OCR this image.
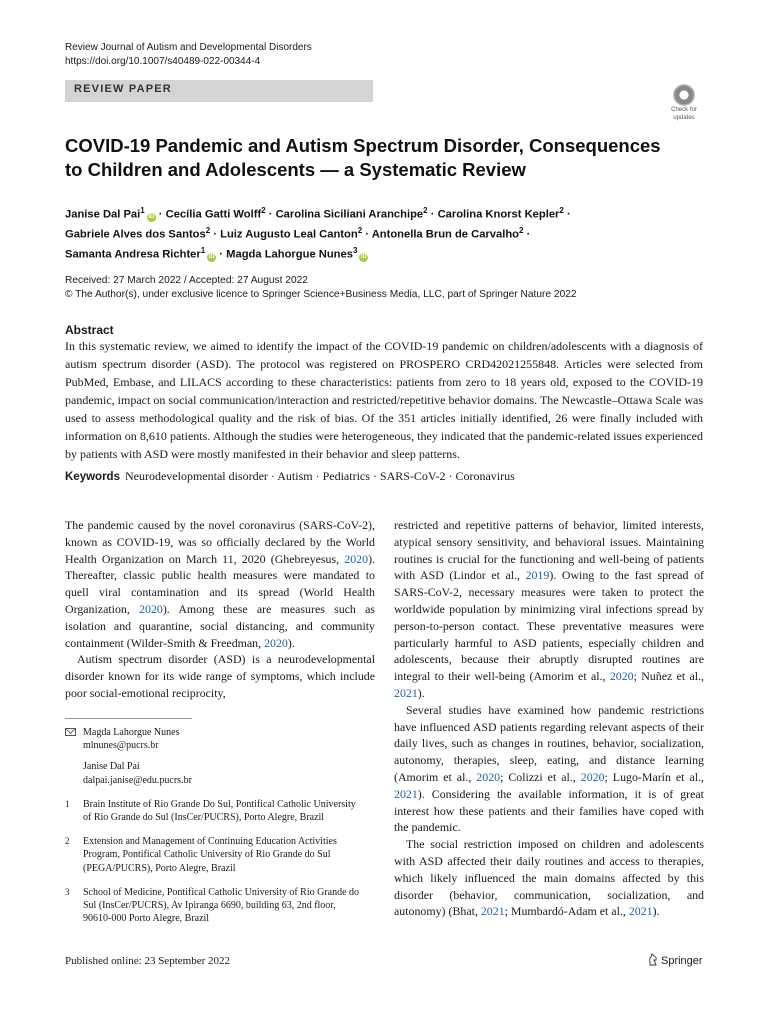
Review Journal of Autism and Developmental Disorders
https://doi.org/10.1007/s40489-022-00344-4
REVIEW PAPER
Check for
updates
COVID-19 Pandemic and Autism Spectrum Disorder, Consequences to Children and Adolescents — a Systematic Review
Janise Dal Pai$^1$iD · Cecília Gatti Wolff$^2$ · Carolina Siciliani Aranchipe$^2$ · Carolina Knorst Kepler$^2$ ·
Gabriele Alves dos Santos$^2$ · Luiz Augusto Leal Canton$^2$ · Antonella Brun de Carvalho$^2$ ·
Samanta Andresa Richter$^1$iD · Magda Lahorgue Nunes$^3$iD
Received: 27 March 2022 / Accepted: 27 August 2022
© The Author(s), under exclusive licence to Springer Science+Business Media, LLC, part of Springer Nature 2022
Abstract

In this systematic review, we aimed to identify the impact of the COVID-19 pandemic on children/adolescents with a diagnosis of autism spectrum disorder (ASD). The protocol was registered on PROSPERO CRD42021255848. Articles were selected from PubMed, Embase, and LILACS according to these characteristics: patients from zero to 18 years old, exposed to the COVID-19 pandemic, impact on social communication/interaction and restricted/repetitive behavior domains. The Newcastle–Ottawa Scale was used to assess methodological quality and the risk of bias. Of the 351 articles initially identified, 26 were finally included with information on 8,610 patients. Although the studies were heterogeneous, they indicated that the pandemic-related issues experienced by patients with ASD were mostly manifested in their behavior and sleep patterns.

Keywords Neurodevelopmental disorder · Autism · Pediatrics · SARS-CoV-2 · Coronavirus

The pandemic caused by the novel coronavirus (SARS-CoV-2), known as COVID-19, was so officially declared by the World Health Organization on March 11, 2020 (Ghebreyesus, 2020). Thereafter, classic public health measures were mandated to quell viral contamination and its spread (World Health Organization, 2020). Among these are measures such as isolation and quarantine, social distancing, and community containment (Wilder-Smith & Freedman, 2020).

Autism spectrum disorder (ASD) is a neurodevelopmental disorder known for its wide range of symptoms, which include poor social-emotional reciprocity,

restricted and repetitive patterns of behavior, limited interests, atypical sensory sensitivity, and behavioral issues. Maintaining routines is crucial for the functioning and well-being of patients with ASD (Lindor et al., 2019). Owing to the fast spread of SARS-CoV-2, necessary measures were taken to protect the worldwide population by minimizing viral infections spread by person-to-person contact. These preventative measures were particularly harmful to ASD patients, especially children and adolescents, because their abruptly disrupted routines are integral to their well-being (Amorim et al., 2020; Nuñez et al., 2021).

Several studies have examined how pandemic restrictions have influenced ASD patients regarding relevant aspects of their daily lives, such as changes in routines, behavior, socialization, autonomy, therapies, sleep, eating, and distance learning (Amorim et al., 2020; Colizzi et al., 2020; Lugo-Marín et al., 2021). Considering the available information, it is of great interest how these patients and their families have coped with the pandemic.

The social restriction imposed on children and adolescents with ASD affected their daily routines and access to therapies, which likely influenced the main domains affected by this disorder (behavior, communication, socialization, and autonomy) (Bhat, 2021; Mumbardó-Adam et al., 2021).

Magda Lahorgue Nunes
mlnunes@pucrs.br
Janise Dal Pai
dalpai.janise@edu.pucrs.br
1 Brain Institute of Rio Grande Do Sul, Pontifical Catholic University of Rio Grande do Sul (InsCer/PUCRS), Porto Alegre, Brazil
2 Extension and Management of Continuing Education Activities Program, Pontifical Catholic University of Rio Grande do Sul (PEGA/PUCRS), Porto Alegre, Brazil
3 School of Medicine, Pontifical Catholic University of Rio Grande do Sul (InsCer/PUCRS), Av Ipiranga 6690, building 63, 2nd floor, 90610-000 Porto Alegre, Brazil
Published online: 23 September 2022	Springer
